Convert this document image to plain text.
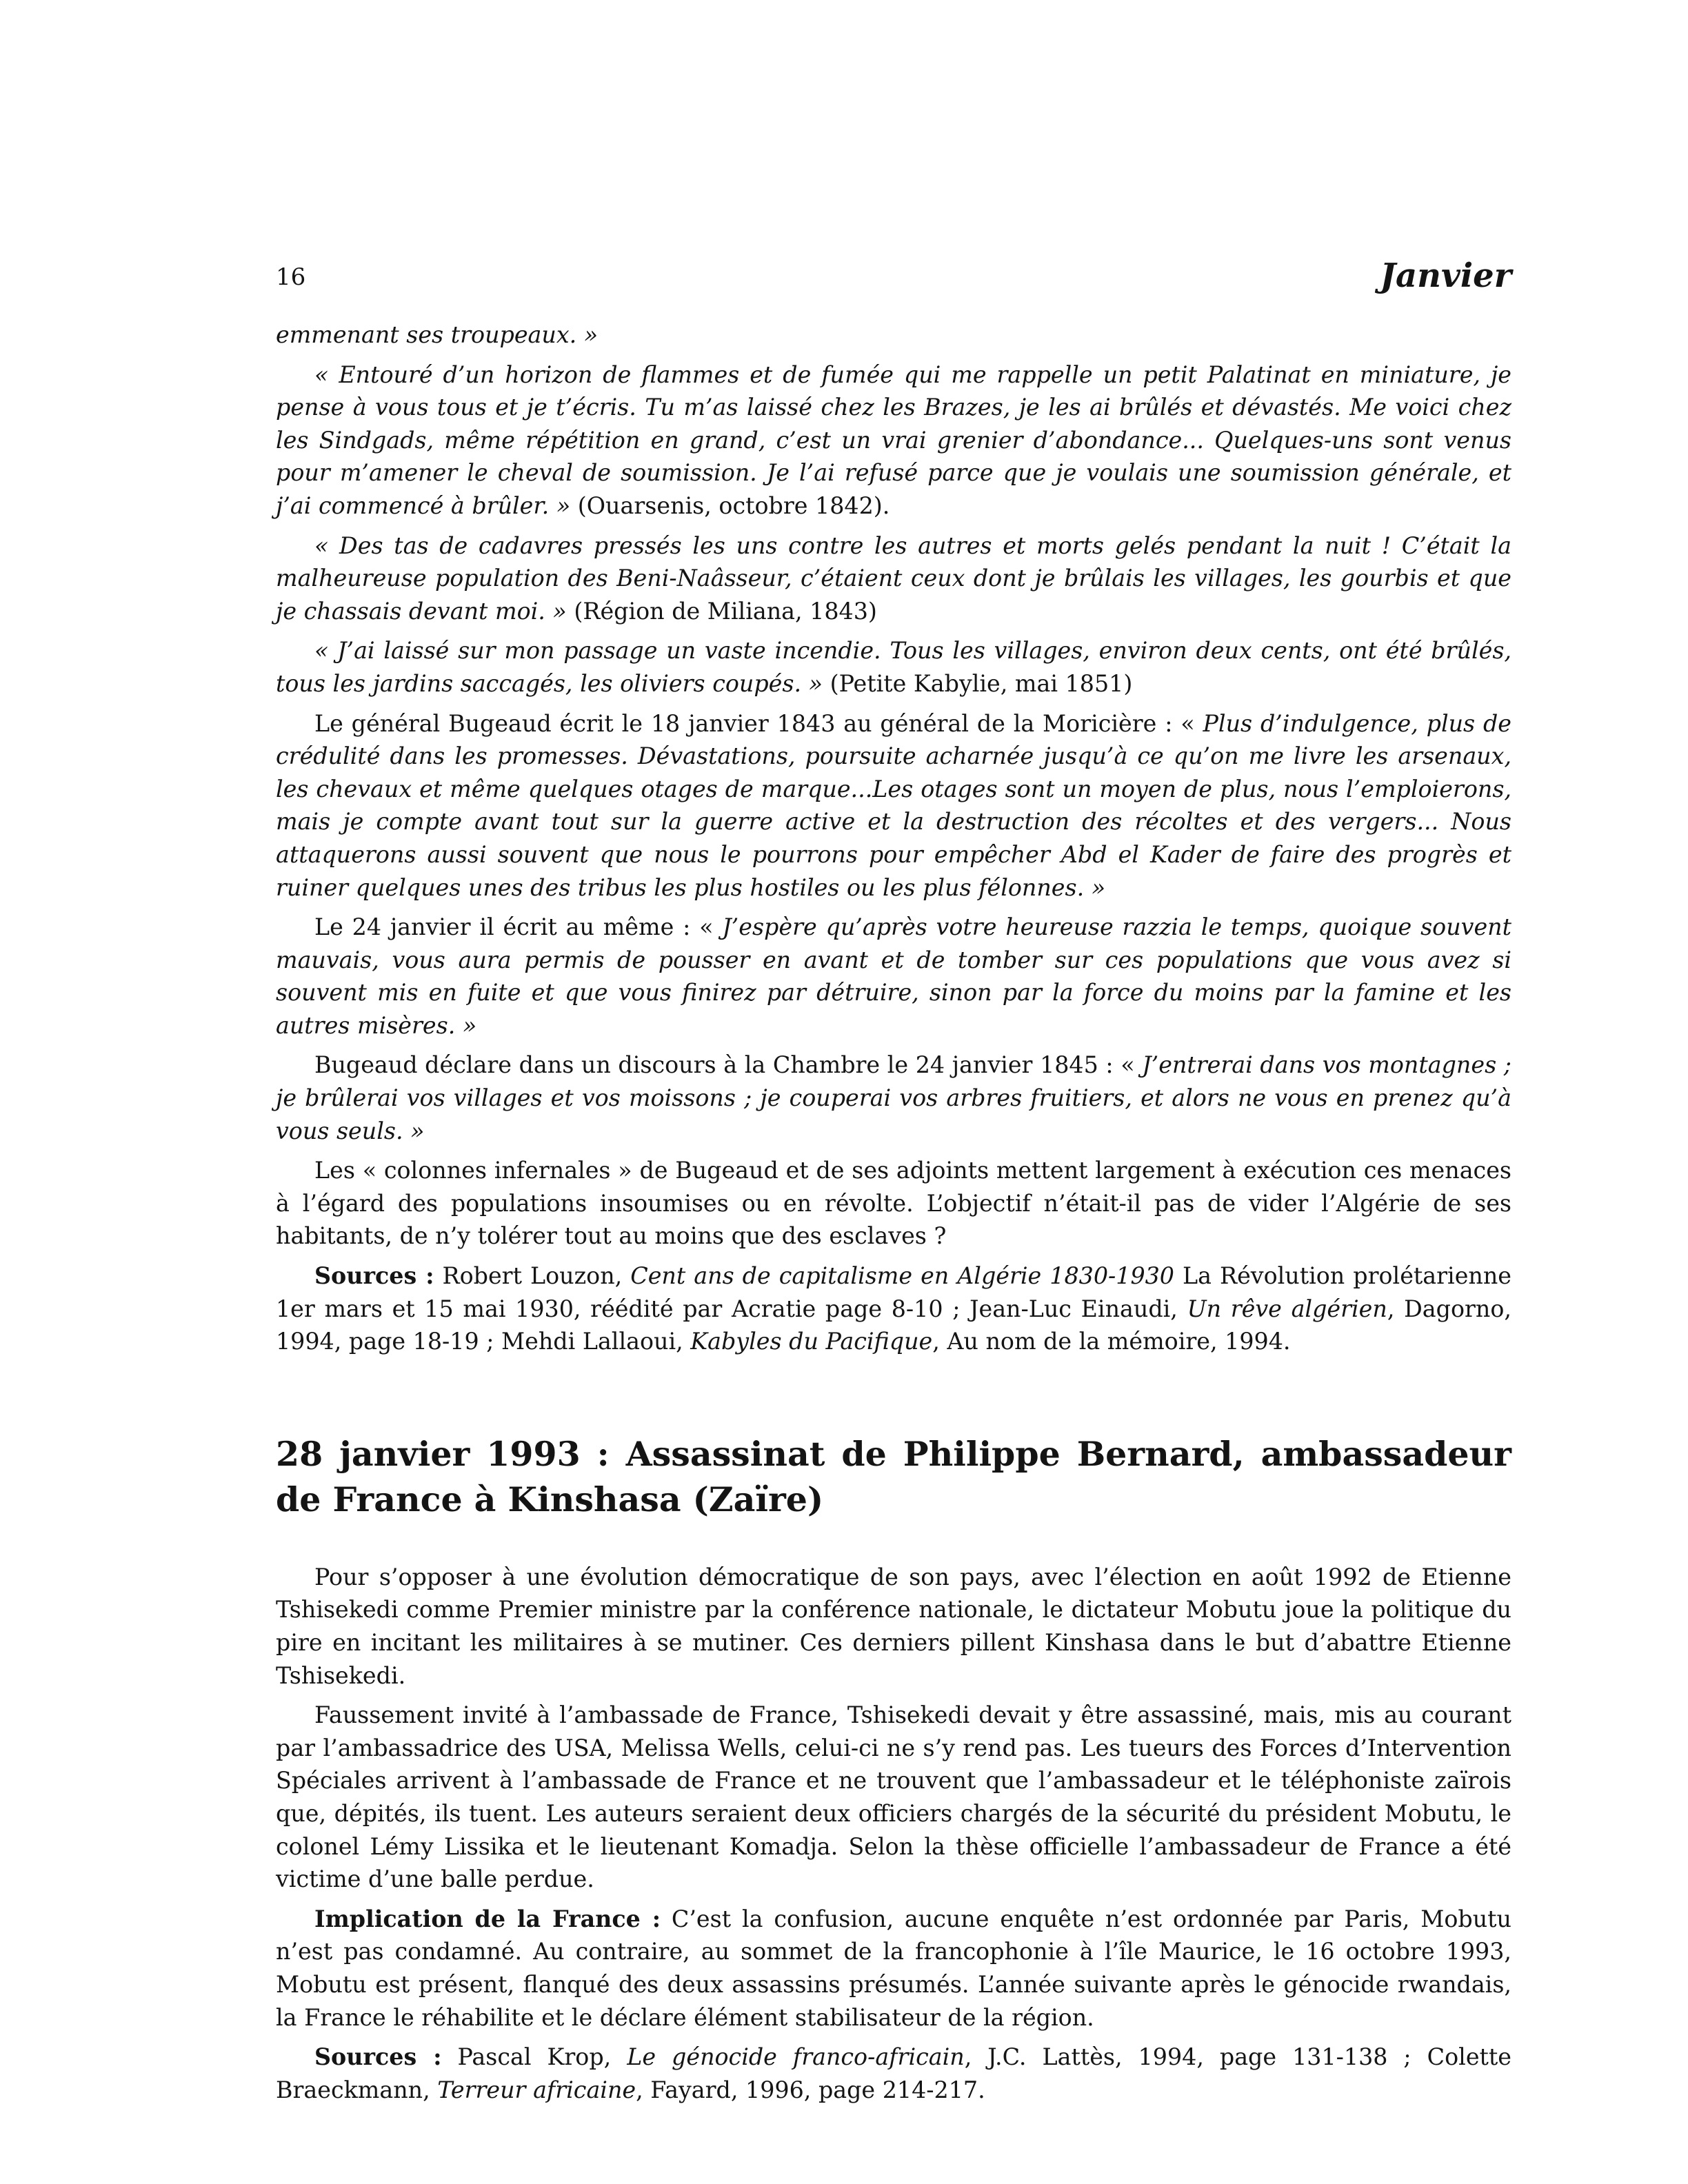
16	Janvier

emmenant ses troupeaux. »

« Entouré d’un horizon de flammes et de fumée qui me rappelle un petit Palatinat en miniature, je pense à vous tous et je t’écris. Tu m’as laissé chez les Brazes, je les ai brûlés et dévastés. Me voici chez les Sindgads, même répétition en grand, c’est un vrai grenier d’abondance... Quelques-uns sont venus pour m’amener le cheval de soumission. Je l’ai refusé parce que je voulais une soumission générale, et j’ai commencé à brûler. » (Ouarsenis, octobre 1842).

« Des tas de cadavres pressés les uns contre les autres et morts gelés pendant la nuit ! C’était la malheureuse population des Beni-Naâsseur, c’étaient ceux dont je brûlais les villages, les gourbis et que je chassais devant moi. » (Région de Miliana, 1843)

« J’ai laissé sur mon passage un vaste incendie. Tous les villages, environ deux cents, ont été brûlés, tous les jardins saccagés, les oliviers coupés. » (Petite Kabylie, mai 1851)

Le général Bugeaud écrit le 18 janvier 1843 au général de la Moricière : « Plus d’indulgence, plus de crédulité dans les promesses. Dévastations, poursuite acharnée jusqu’à ce qu’on me livre les arsenaux, les chevaux et même quelques otages de marque...Les otages sont un moyen de plus, nous l’emploierons, mais je compte avant tout sur la guerre active et la destruction des récoltes et des vergers... Nous attaquerons aussi souvent que nous le pourrons pour empêcher Abd el Kader de faire des progrès et ruiner quelques unes des tribus les plus hostiles ou les plus félonnes. »

Le 24 janvier il écrit au même : « J’espère qu’après votre heureuse razzia le temps, quoique souvent mauvais, vous aura permis de pousser en avant et de tomber sur ces populations que vous avez si souvent mis en fuite et que vous finirez par détruire, sinon par la force du moins par la famine et les autres misères. »

Bugeaud déclare dans un discours à la Chambre le 24 janvier 1845 : « J’entrerai dans vos montagnes ; je brûlerai vos villages et vos moissons ; je couperai vos arbres fruitiers, et alors ne vous en prenez qu’à vous seuls. »

Les « colonnes infernales » de Bugeaud et de ses adjoints mettent largement à exécution ces menaces à l’égard des populations insoumises ou en révolte. L’objectif n’était-il pas de vider l’Algérie de ses habitants, de n’y tolérer tout au moins que des esclaves ?

Sources : Robert Louzon, Cent ans de capitalisme en Algérie 1830-1930 La Révolution prolétarienne 1er mars et 15 mai 1930, réédité par Acratie page 8-10 ; Jean-Luc Einaudi, Un rêve algérien, Dagorno, 1994, page 18-19 ; Mehdi Lallaoui, Kabyles du Pacifique, Au nom de la mémoire, 1994.

28 janvier 1993 : Assassinat de Philippe Bernard, ambassadeur de France à Kinshasa (Zaïre)

Pour s’opposer à une évolution démocratique de son pays, avec l’élection en août 1992 de Etienne Tshisekedi comme Premier ministre par la conférence nationale, le dictateur Mobutu joue la politique du pire en incitant les militaires à se mutiner. Ces derniers pillent Kinshasa dans le but d’abattre Etienne Tshisekedi.

Faussement invité à l’ambassade de France, Tshisekedi devait y être assassiné, mais, mis au courant par l’ambassadrice des USA, Melissa Wells, celui-ci ne s’y rend pas. Les tueurs des Forces d’Intervention Spéciales arrivent à l’ambassade de France et ne trouvent que l’ambassadeur et le téléphoniste zaïrois que, dépités, ils tuent. Les auteurs seraient deux officiers chargés de la sécurité du président Mobutu, le colonel Lémy Lissika et le lieutenant Komadja. Selon la thèse officielle l’ambassadeur de France a été victime d’une balle perdue.

Implication de la France : C’est la confusion, aucune enquête n’est ordonnée par Paris, Mobutu n’est pas condamné. Au contraire, au sommet de la francophonie à l’île Maurice, le 16 octobre 1993, Mobutu est présent, flanqué des deux assassins présumés. L’année suivante après le génocide rwandais, la France le réhabilite et le déclare élément stabilisateur de la région.

Sources : Pascal Krop, Le génocide franco-africain, J.C. Lattès, 1994, page 131-138 ; Colette Braeckmann, Terreur africaine, Fayard, 1996, page 214-217.
